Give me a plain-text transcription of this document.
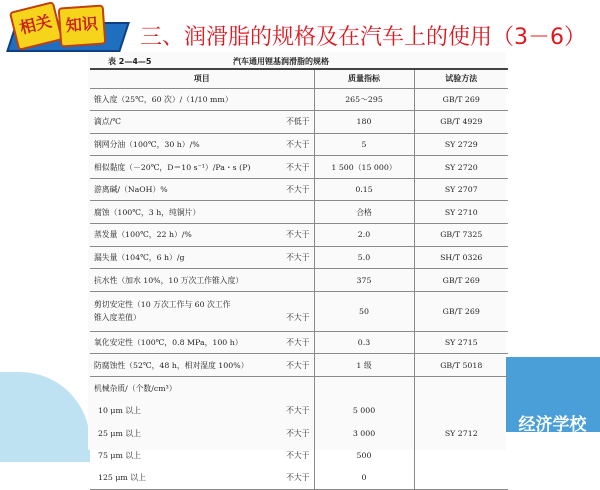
经济学校
相关 知识
三、润滑脂的规格及在汽车上的使用（3－6）
表 2—4—5	汽车通用锂基润滑脂的规格
项目	质量指标	试验方法

锥入度（25℃，60 次）/（1/10 mm）	265～295	GB/T 269

滴点/℃ 不低于	180	GB/T 4929

钢网分油（100℃，30 h）/% 不大于	5	SY 2729

相似黏度（－20℃，D＝10 s⁻¹）/Pa・s (P) 不大于	1 500（15 000）	SY 2720

游离碱/（NaOH）% 不大于	0.15	SY 2707

腐蚀（100℃，3 h，纯铜片）	合格	SY 2710

蒸发量（100℃，22 h）/% 不大于	2.0	GB/T 7325

漏失量（104℃，6 h）/g 不大于	5.0	SH/T 0326

抗水性（加水 10%，10 万次工作锥入度）	375	GB/T 269
剪切安定性（10 万次工作与 60 次工作

锥入度差值） 不大于	50	GB/T 269

氧化安定性（100℃，0.8 MPa，100 h） 不大于	0.3	SY 2715

防腐蚀性（52℃，48 h，相对湿度 100%） 不大于	1 级	GB/T 5018
机械杂质/（个数/cm³）		SY 2712

10 μm 以上 不大于	5 000	

25 μm 以上 不大于	3 000	

75 μm 以上 不大于	500	

125 μm 以上 不大于	0	
